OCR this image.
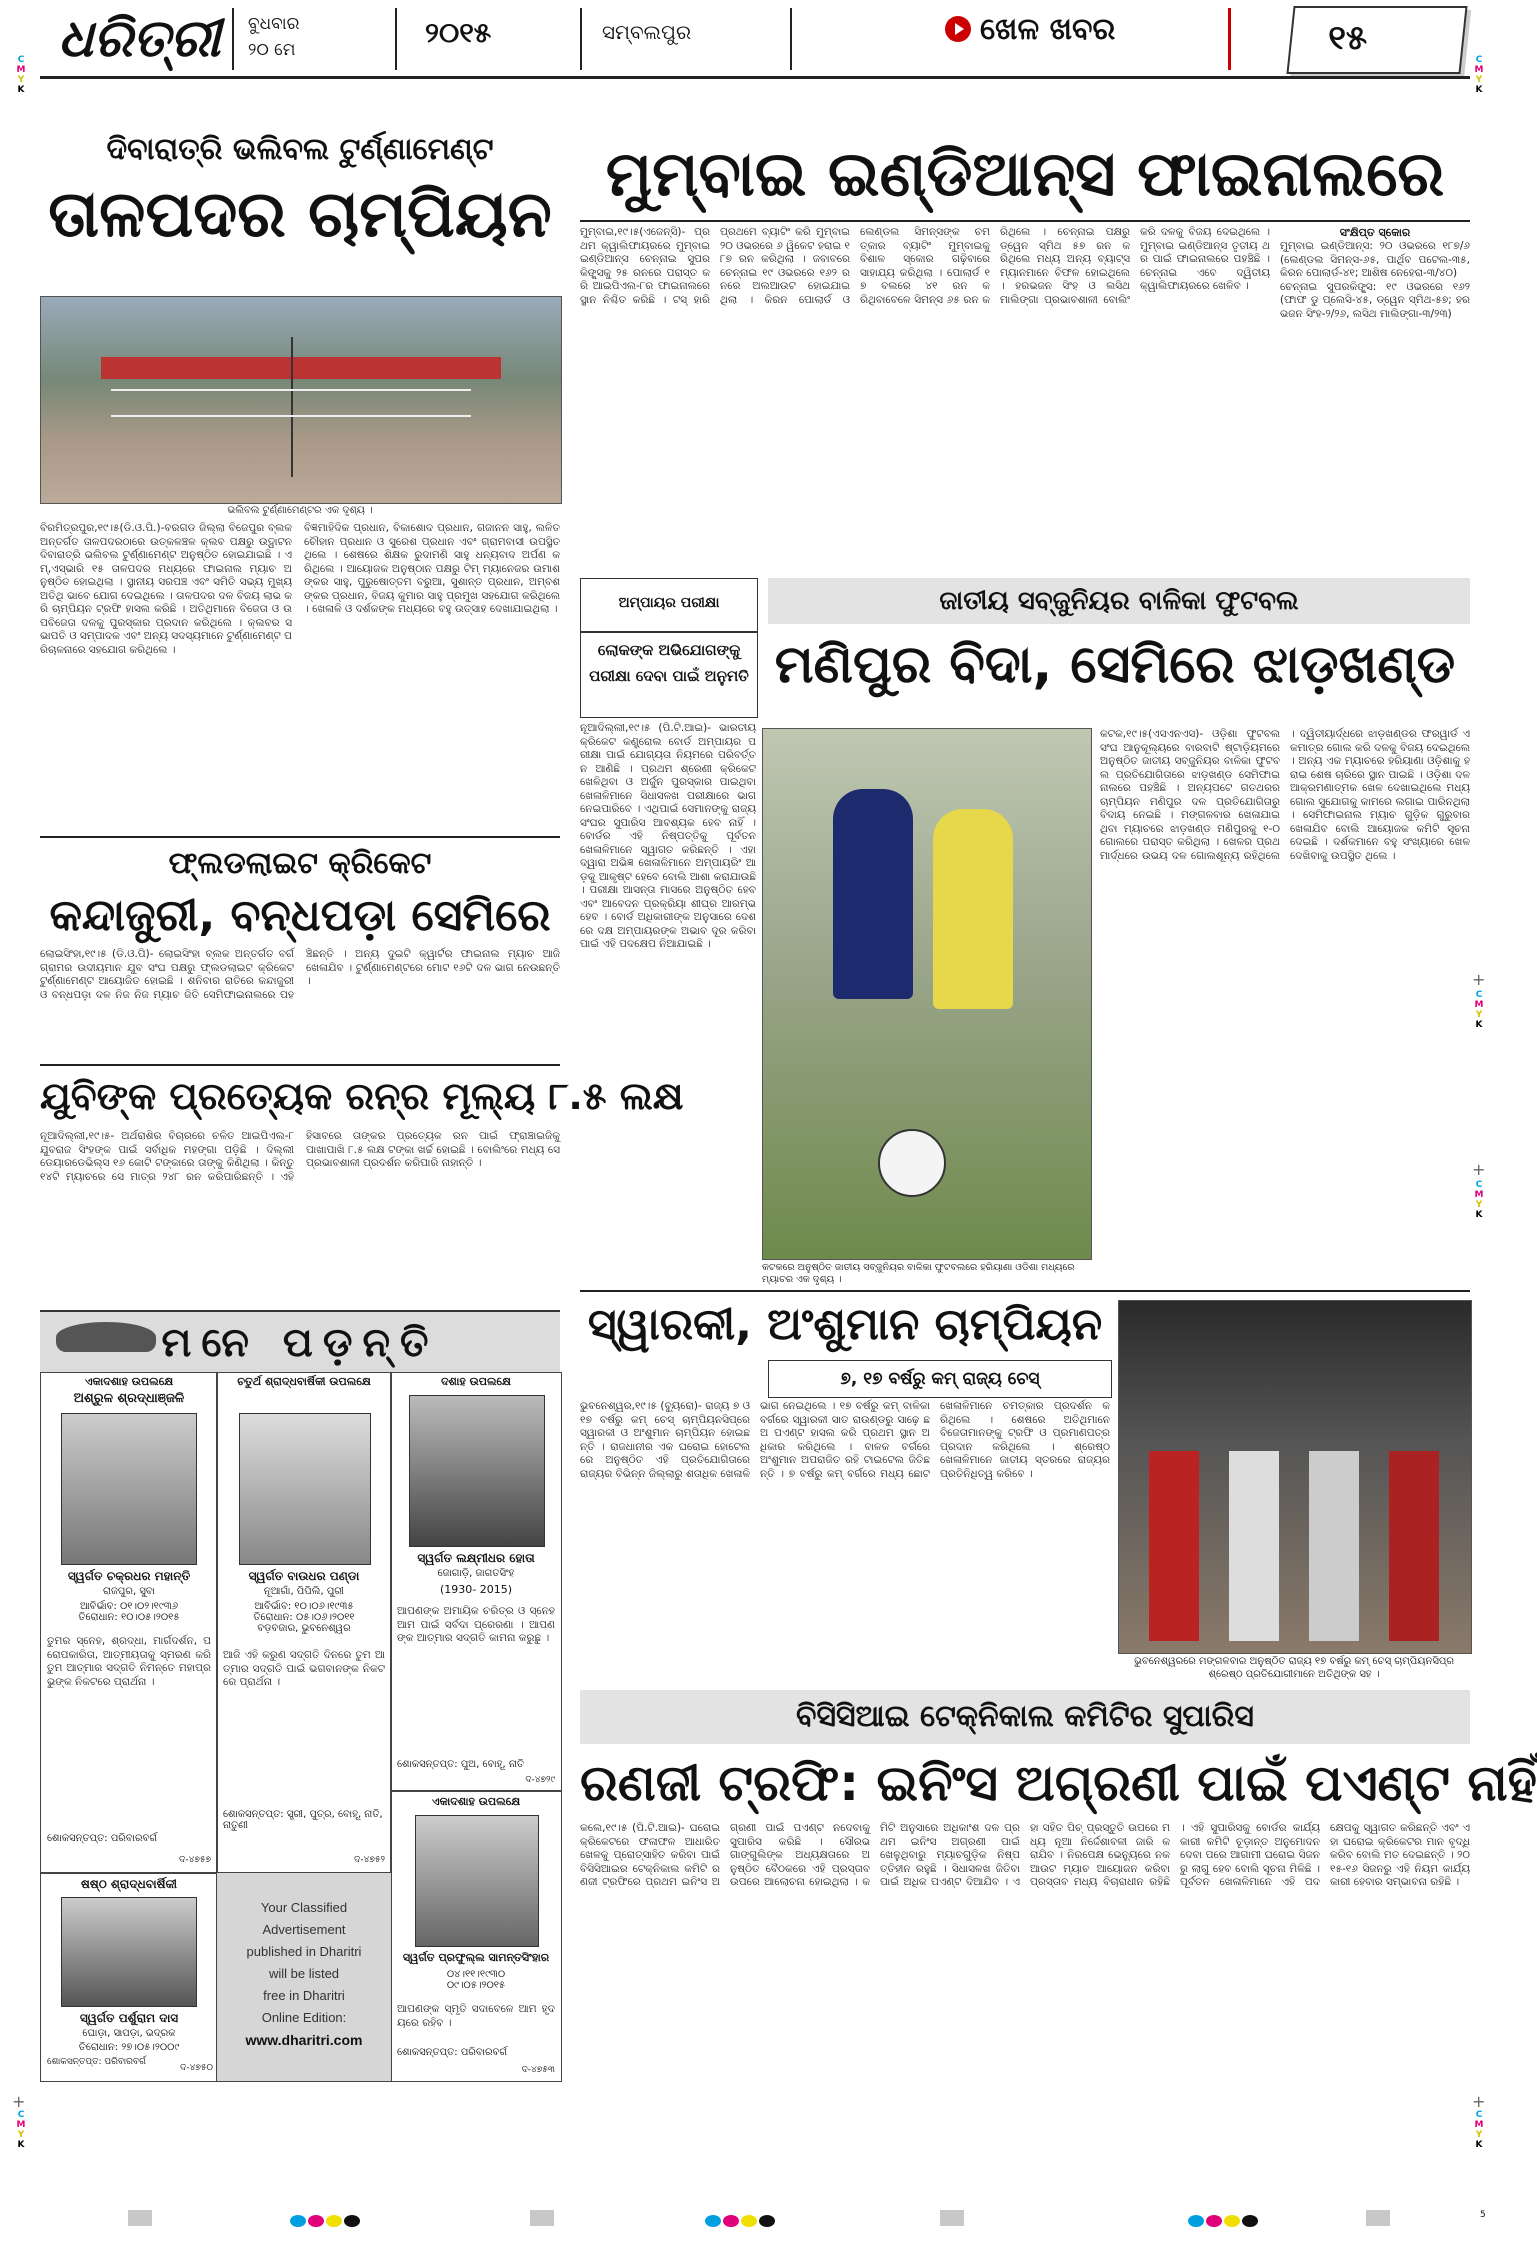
C
M
Y
K
C
M
Y
K
C
M
Y
K
C
M
Y
K
C
M
Y
K
C
M
Y
K
+
+
+	+
ଧରିତ୍ରୀ ବୁଧବାର
୨୦ ମେ
୨୦୧୫	ସମ୍ବଲପୁର	ଖେଳ ଖବର	୧୫
ଦିବାରାତ୍ରି ଭଲିବଲ ଟୁର୍ଣ୍ଣାମେଣ୍ଟ
ତାଳପଦର ଚାମ୍ପିୟନ
ଭଲିବଲ ଟୁର୍ଣ୍ଣାମେଣ୍ଟର ଏକ ଦୃଶ୍ୟ ।
ବିରମିତ୍ରପୁର,୧୯।୫(ଡି.ଓ.ପି.)-ବରଗଡ ଜିଲ୍ଲା ବିଜେପୁର ବ୍ଲକ ଅନ୍ତର୍ଗତ ତାଳପଦରଠାରେ ଉତ୍କଳଞ୍ଚଳ କ୍ଲବ ପକ୍ଷରୁ ଉଦ୍ଘାଟନ ଦିବାରାତ୍ରି ଭଲିବଲ ଟୁର୍ଣ୍ଣାମେଣ୍ଟ ଅନୁଷ୍ଠିତ ହୋଇଯାଇଛି । ଏମ୍,ଏସ୍ଭାରି ୧୫ ତାଳପଦର ମଧ୍ୟରେ ଫାଇନାଲ ମ୍ୟାଚ ଅନୁଷ୍ଠିତ ହୋଇଥିଲା । ସ୍ଥାନୀୟ ସରପଞ୍ଚ ଏବଂ ସମିତି ସଭ୍ୟ ମୁଖ୍ୟ ଅତିଥି ଭାବେ ଯୋଗ ଦେଇଥିଲେ । ତାଳପଦର ଦଳ ବିଜୟ ଲାଭ କରି ଚାମ୍ପିୟନ ଟ୍ରଫି ହାସଲ କରିଛି । ଅତିଥିମାନେ ବିଜେତା ଓ ଉପବିଜେତା ଦଳକୁ ପୁରସ୍କାର ପ୍ରଦାନ କରିଥିଲେ । କ୍ଲବର ସଭାପତି ଓ ସମ୍ପାଦକ ଏବଂ ଅନ୍ୟ ସଦସ୍ୟମାନେ ଟୁର୍ଣ୍ଣାମେଣ୍ଟ ପରିଚାଳନାରେ ସହଯୋଗ କରିଥିଲେ ।
ବିଜ୍ଞମାହିଦିକ ପ୍ରଧାନ, ବିକାଶୋଦ ପ୍ରଧାନ, ଗଜାନନ ସାହୁ, ଲଳିତ ଚୌହାନ ପ୍ରଧାନ ଓ ସୁରେଶ ପ୍ରଧାନ ଏବଂ ଗ୍ରାମବାସୀ ଉପସ୍ଥିତ ଥିଲେ । ଶେଷରେ ଶିକ୍ଷକ ରୁଦାମଣି ସାହୁ ଧନ୍ୟବାଦ ଅର୍ପଣ କରିଥିଲେ । ଆୟୋଜକ ଅନୁଷ୍ଠାନ ପକ୍ଷରୁ ଟିମ୍ ମ୍ୟାନେଜର ଉମାଶଙ୍କର ସାହୁ, ପୁରୁଷୋତ୍ତମ ବରୁଆ, ସୁଶାନ୍ତ ପ୍ରଧାନ, ଅମ୍ବଶଙ୍କର ପ୍ରଧାନ, ବିଜୟ କୁମାର ସାହୁ ପ୍ରମୁଖ ସହଯୋଗ କରିଥିଲେ । ଖେଳାଳି ଓ ଦର୍ଶକଙ୍କ ମଧ୍ୟରେ ବହୁ ଉତ୍ସାହ ଦେଖାଯାଇଥିଲା ।
ଫ୍ଲଡଲାଇଟ କ୍ରିକେଟ
କନ୍ଦାଜୁରୀ, ବନ୍ଧପଡ଼ା ସେମିରେ
ଲୋଇସିଂହା,୧୯।୫ (ଡି.ଓ.ପି)- ଲୋଇସିଂହା ବ୍ଲକ ଅନ୍ତର୍ଗତ ବର୍ଗ ଗ୍ରାମର ଉଦୀୟମାନ ଯୁବ ସଂଘ ପକ୍ଷରୁ ଫ୍ଲଡଲାଇଟ କ୍ରିକେଟ ଟୁର୍ଣ୍ଣାମେଣ୍ଟ ଆୟୋଜିତ ହୋଇଛି । ଶନିବାର ରାତିରେ କନ୍ଦାଜୁରୀ ଓ ବନ୍ଧପଡ଼ା ଦଳ ନିଜ ନିଜ ମ୍ୟାଚ ଜିତି ସେମିଫାଇନାଲରେ ପହଞ୍ଚିଛନ୍ତି । ଅନ୍ୟ ଦୁଇଟି କ୍ୱାର୍ଟର ଫାଇନାଲ ମ୍ୟାଚ ଆଜି ଖେଳାଯିବ । ଟୁର୍ଣ୍ଣାମେଣ୍ଟରେ ମୋଟ ୧୬ଟି ଦଳ ଭାଗ ନେଉଛନ୍ତି ।
ଯୁବିଙ୍କ ପ୍ରତ୍ୟେକ ରନ୍‌ର ମୂଲ୍ୟ ୮.୫ ଲକ୍ଷ
ନୂଆଦିଲ୍ଲୀ,୧୯।୫- ଅର୍ଥରାଶିର ବିଚାରରେ ଚଳିତ ଆଇପିଏଲ-୮ ଯୁବରାଜ ସିଂହଙ୍କ ପାଇଁ ସର୍ବାଧିକ ମହଙ୍ଗା ପଡ଼ିଛି । ଦିଲ୍ଲୀ ଡେୟାରଡେଭିଲ୍ସ ୧୬ କୋଟି ଟଙ୍କାରେ ତାଙ୍କୁ କିଣିଥିଲା । କିନ୍ତୁ ୧୪ଟି ମ୍ୟାଚରେ ସେ ମାତ୍ର ୨୪୮ ରନ କରିପାରିଛନ୍ତି । ଏହି ହିସାବରେ ତାଙ୍କର ପ୍ରତ୍ୟେକ ରନ ପାଇଁ ଫ୍ରାଞ୍ଚାଇଜିକୁ ପାଖାପାଖି ୮.୫ ଲକ୍ଷ ଟଙ୍କା ଖର୍ଚ୍ଚ ହୋଇଛି । ବୋଲିଂରେ ମଧ୍ୟ ସେ ପ୍ରଭାବଶାଳୀ ପ୍ରଦର୍ଶନ କରିପାରି ନାହାନ୍ତି ।
ମନେ ପଡ଼ନ୍ତି
ଏକାଦଶାହ ଉପଲକ୍ଷେ
ଅଶ୍ରୁଳ ଶ୍ରଦ୍ଧାଞ୍ଜଳି
ସ୍ୱର୍ଗତ ଚକ୍ରଧର ମହାନ୍ତି
ରାଜପୁର, ସୁବା
ଆବିର୍ଭାବ: ୦୧।୦୨।୧୯୩୬
ତିରୋଧାନ: ୧୦।୦୫।୨୦୧୫
ତୁମର ସ୍ନେହ, ଶ୍ରଦ୍ଧା, ମାର୍ଗଦର୍ଶନ, ପରୋପକାରିତା, ଆତ୍ମୀୟତାକୁ ସ୍ମରଣ କରି ତୁମ ଆତ୍ମାର ସଦ୍‌ଗତି ନିମନ୍ତେ ମହାପ୍ରଭୁଙ୍କ ନିକଟରେ ପ୍ରାର୍ଥନା ।
ଶୋକସନ୍ତପ୍ତ: ପରିବାରବର୍ଗ
ଦ-୪୭୫୭
ଚତୁର୍ଥ ଶ୍ରାଦ୍ଧବାର୍ଷିକୀ ଉପଲକ୍ଷେ
ସ୍ୱର୍ଗତ ବାଉଧର ପଣ୍ଡା
ନୂଆଗାଁ, ପିପିଲି, ପୁରୀ
ଆବିର୍ଭାବ: ୧୦।୦୬।୧୯୩୫
ତିରୋଧାନ: ୦୫।୦୬।୨୦୧୧
ବଡ଼ବଜାର, ଭୁବନେଶ୍ୱର
ଆଜି ଏହି କରୁଣ ସଦ୍‌ଗତି ଦିନରେ ତୁମ ଆତ୍ମାର ସଦ୍‌ଗତି ପାଇଁ ଭଗବାନଙ୍କ ନିକଟରେ ପ୍ରାର୍ଥନା ।
ଶୋକସନ୍ତପ୍ତ: ସ୍ତ୍ରୀ, ପୁତ୍ର, ବୋହୂ, ନାତି, ନାତୁଣୀ
ଦ-୪୭୫୨
ଦଶାହ ଉପଲକ୍ଷେ
ସ୍ୱର୍ଗତ ଲକ୍ଷ୍ମୀଧର ହୋତା
ଜୋଗାଡ଼ି, ଜାଗତସିଂହ
(1930- 2015)
ଆପଣଙ୍କ ଅମାୟିକ ଚରିତ୍ର ଓ ସ୍ନେହ ଆମ ପାଇଁ ସର୍ବଦା ପ୍ରେରଣା । ଆପଣଙ୍କ ଆତ୍ମାର ସଦ୍‌ଗତି କାମନା କରୁଛୁ ।
ଶୋକସନ୍ତପ୍ତ: ପୁଅ, ବୋହୂ, ନାତି
ଦ-୪୭୨୯
ଏକାଦଶାହ ଉପଲକ୍ଷେ
ସ୍ୱର୍ଗତ ପ୍ରଫୁଲ୍ଲ ସାମନ୍ତସିଂହାର
୦୪।୧୧।୧୯୩୦
୦୯।୦୫।୨୦୧୫
ଆପଣଙ୍କ ସ୍ମୃତି ସଦାବେଳେ ଆମ ହୃଦୟରେ ରହିବ ।
ଶୋକସନ୍ତପ୍ତ: ପରିବାରବର୍ଗ
ଦ-୪୭୫୩
ଷଷ୍ଠ ଶ୍ରାଦ୍ଧବାର୍ଷିକୀ
ସ୍ୱର୍ଗତ ପର୍ଶୁରାମ ଦାସ
ଘୋଡ଼ା, ସାପଡ଼ା, ଭଦ୍ରକ
ତିରୋଧାନ: ୨୭।୦୫।୨୦୦୯
ଶୋକସନ୍ତପ୍ତ: ପରିବାରବର୍ଗ
ଦ-୪୭୫୦
Your Classified
Advertisement
published in Dharitri
will be listed
free in Dharitri
Online Edition:
www.dharitri.com
ମୁମ୍ବାଇ ଇଣ୍ଡିଆନ୍ସ ଫାଇନାଲରେ
ମୁମ୍ବାଇ,୧୯।୫(ଏଜେନ୍ସି)- ପ୍ରଥମ କ୍ୱାଲିଫାୟରରେ ମୁମ୍ବାଇ ଇଣ୍ଡିଆନ୍ସ ଚେନ୍ନାଇ ସୁପର କିଙ୍ଗ୍ସକୁ ୨୫ ରନରେ ପରାସ୍ତ କରି ଆଇପିଏଲ-୮ର ଫାଇନାଲରେ ସ୍ଥାନ ନିଶ୍ଚିତ କରିଛି । ଟସ୍ ହାରି ପ୍ରଥମେ ବ୍ୟାଟିଂ କରି ମୁମ୍ବାଇ ୨୦ ଓଭରରେ ୬ ୱିକେଟ ହରାଇ ୧୮୭ ରନ କରିଥିଲା । ଜବାବରେ ଚେନ୍ନାଇ ୧୯ ଓଭରରେ ୧୬୨ ରନରେ ଅଲଆଉଟ ହୋଇଯାଇଥିଲା । କିରନ ପୋଲାର୍ଡ ଓ ଲେଣ୍ଡଲ ସିମନ୍ସଙ୍କ ଚମତ୍କାର ବ୍ୟାଟିଂ ମୁମ୍ବାଇକୁ ବିଶାଳ ସ୍କୋର ଗଢ଼ିବାରେ ସାହାଯ୍ୟ କରିଥିଲା । ପୋଲାର୍ଡ ୧୭ ବଲରେ ୪୧ ରନ କରିଥିବାବେଳେ ସିମନ୍ସ ୬୫ ରନ କରିଥିଲେ । ଚେନ୍ନାଇ ପକ୍ଷରୁ ଡ୍ୱେନ ସ୍ମିଥ ୫୭ ରନ କରିଥିଲେ ମଧ୍ୟ ଅନ୍ୟ ବ୍ୟାଟ୍ସମ୍ୟାନମାନେ ବିଫଳ ହୋଇଥିଲେ । ହରଭଜନ ସିଂହ ଓ ଲସିଥ ମାଲିଙ୍ଗା ପ୍ରଭାବଶାଳୀ ବୋଲିଂ କରି ଦଳକୁ ବିଜୟ ଦେଇଥିଲେ । ମୁମ୍ବାଇ ଇଣ୍ଡିଆନ୍ସ ତୃତୀୟ ଥର ପାଇଁ ଫାଇନାଲରେ ପହଞ୍ଚିଛି । ଚେନ୍ନାଇ ଏବେ ଦ୍ୱିତୀୟ କ୍ୱାଲିଫାୟରରେ ଖେଳିବ ।
ସଂକ୍ଷିପ୍ତ ସ୍କୋର
ମୁମ୍ବାଇ ଇଣ୍ଡିଆନ୍ସ: ୨୦ ଓଭରରେ ୧୮୭/୬ (ଲେଣ୍ଡଲ ସିମନ୍ସ-୬୫, ପାର୍ଥିବ ପଟେଲ-୩୫, କିରନ ପୋଲାର୍ଡ-୪୧; ଆଶିଷ ନେହେରା-୩/୪୦)
ଚେନ୍ନାଇ ସୁପରକିଙ୍ଗ୍ସ: ୧୯ ଓଭରରେ ୧୬୨ (ଫାଫ ଡୁ ପ୍ଲେସି-୪୫, ଡ୍ୱେନ ସ୍ମିଥ-୫୭; ହରଭଜନ ସିଂହ-୨/୨୬, ଲସିଥ ମାଲିଙ୍ଗା-୩/୨୩)
ଅମ୍ପାୟର ପରୀକ୍ଷା
ଲୋକଙ୍କ ଅଭିଯୋଗଙ୍କୁ ପରୀକ୍ଷା ଦେବା ପାଇଁ ଅନୁମତି
ନୂଆଦିଲ୍ଲୀ,୧୯।୫ (ପି.ଟି.ଆଇ)- ଭାରତୀୟ କ୍ରିକେଟ କଣ୍ଟ୍ରୋଲ ବୋର୍ଡ ଅମ୍ପାୟର ପରୀକ୍ଷା ପାଇଁ ଯୋଗ୍ୟତା ନିୟମରେ ପରିବର୍ତ୍ତନ ଆଣିଛି । ପ୍ରଥମ ଶ୍ରେଣୀ କ୍ରିକେଟ ଖେଳିଥିବା ଓ ଅର୍ଜୁନ ପୁରସ୍କାର ପାଇଥିବା ଖେଳାଳିମାନେ ସିଧାସଳଖ ପରୀକ୍ଷାରେ ଭାଗ ନେଇପାରିବେ । ଏଥିପାଇଁ ସେମାନଙ୍କୁ ରାଜ୍ୟ ସଂଘର ସୁପାରିସ ଆବଶ୍ୟକ ହେବ ନାହିଁ । ବୋର୍ଡର ଏହି ନିଷ୍ପତ୍ତିକୁ ପୂର୍ବତନ ଖେଳାଳିମାନେ ସ୍ୱାଗତ କରିଛନ୍ତି । ଏହା ଦ୍ୱାରା ଅଭିଜ୍ଞ ଖେଳାଳିମାନେ ଅମ୍ପାୟରିଂ ଆଡ଼କୁ ଆକୃଷ୍ଟ ହେବେ ବୋଲି ଆଶା କରାଯାଉଛି । ପରୀକ୍ଷା ଆସନ୍ତା ମାସରେ ଅନୁଷ୍ଠିତ ହେବ ଏବଂ ଆବେଦନ ପ୍ରକ୍ରିୟା ଶୀଘ୍ର ଆରମ୍ଭ ହେବ । ବୋର୍ଡ ଅଧିକାରୀଙ୍କ ଅନୁସାରେ ଦେଶରେ ଦକ୍ଷ ଅମ୍ପାୟରଙ୍କ ଅଭାବ ଦୂର କରିବା ପାଇଁ ଏହି ପଦକ୍ଷେପ ନିଆଯାଇଛି ।
ଜାତୀୟ ସବ୍‌ଜୁନିୟର ବାଳିକା ଫୁଟବଲ
ମଣିପୁର ବିଦା, ସେମିରେ ଝାଡ଼ଖଣ୍ଡ
କଟକରେ ଅନୁଷ୍ଠିତ ଜାତୀୟ ସବ୍‌ଜୁନିୟର ବାଳିକା ଫୁଟବଲରେ ହରିୟାଣା ଓଡିଶା ମଧ୍ୟରେ ମ୍ୟାଚର ଏକ ଦୃଶ୍ୟ ।
କଟକ,୧୯।୫(ଏସଏନଏସ)- ଓଡ଼ିଶା ଫୁଟବଲ ସଂଘ ଆନୁକୂଲ୍ୟରେ ବାରବାଟି ଷ୍ଟାଡ଼ିୟମରେ ଅନୁଷ୍ଠିତ ଜାତୀୟ ସବ୍‌ଜୁନିୟର ବାଳିକା ଫୁଟବଲ ପ୍ରତିଯୋଗିତାରେ ଝାଡ଼ଖଣ୍ଡ ସେମିଫାଇନାଲରେ ପହଞ୍ଚିଛି । ଅନ୍ୟପଟେ ଗତଥରର ଚାମ୍ପିୟନ ମଣିପୁର ଦଳ ପ୍ରତିଯୋଗିତାରୁ ବିଦାୟ ନେଇଛି । ମଙ୍ଗଳବାର ଖେଳାଯାଇଥିବା ମ୍ୟାଚରେ ଝାଡ଼ଖଣ୍ଡ ମଣିପୁରକୁ ୧-୦ ଗୋଲରେ ପରାସ୍ତ କରିଥିଲା । ଖେଳର ପ୍ରଥମାର୍ଦ୍ଧରେ ଉଭୟ ଦଳ ଗୋଲଶୂନ୍ୟ ରହିଥିଲେ । ଦ୍ୱିତୀୟାର୍ଦ୍ଧରେ ଝାଡ଼ଖଣ୍ଡର ଫରୱାର୍ଡ ଏକମାତ୍ର ଗୋଲ କରି ଦଳକୁ ବିଜୟ ଦେଇଥିଲେ । ଅନ୍ୟ ଏକ ମ୍ୟାଚରେ ହରିୟାଣା ଓଡ଼ିଶାକୁ ହରାଇ ଶେଷ ଚାରିରେ ସ୍ଥାନ ପାଇଛି । ଓଡ଼ିଶା ଦଳ ଆକ୍ରମଣାତ୍ମକ ଖେଳ ଦେଖାଇଥିଲେ ମଧ୍ୟ ଗୋଲ ସୁଯୋଗକୁ କାମରେ ଲଗାଇ ପାରିନଥିଲା । ସେମିଫାଇନାଲ ମ୍ୟାଚ ଗୁଡ଼ିକ ଗୁରୁବାର ଖେଳାଯିବ ବୋଲି ଆୟୋଜକ କମିଟି ସୂଚନା ଦେଇଛି । ଦର୍ଶକମାନେ ବହୁ ସଂଖ୍ୟାରେ ଖେଳ ଦେଖିବାକୁ ଉପସ୍ଥିତ ଥିଲେ ।
ସ୍ୱାରକୀ, ଅଂଶୁମାନ ଚାମ୍ପିୟନ
୭, ୧୭ ବର୍ଷରୁ କମ୍ ରାଜ୍ୟ ଚେସ୍
ଭୁବନେଶ୍ୱର,୧୯।୫ (ବ୍ୟୁରୋ)- ରାଜ୍ୟ ୭ ଓ ୧୭ ବର୍ଷରୁ କମ୍ ଚେସ୍ ଚାମ୍ପିୟନସିପ୍‌ରେ ସ୍ୱାରକୀ ଓ ଅଂଶୁମାନ ଚାମ୍ପିୟନ ହୋଇଛନ୍ତି । ରାଜଧାନୀର ଏକ ଘରୋଇ ହୋଟେଲରେ ଅନୁଷ୍ଠିତ ଏହି ପ୍ରତିଯୋଗିତାରେ ରାଜ୍ୟର ବିଭିନ୍ନ ଜିଲ୍ଲାରୁ ଶତାଧିକ ଖେଳାଳି ଭାଗ ନେଇଥିଲେ । ୧୭ ବର୍ଷରୁ କମ୍ ବାଳିକା ବର୍ଗରେ ସ୍ୱାରକୀ ସାତ ରାଉଣ୍ଡରୁ ସାଢ଼େ ଛଅ ପଏଣ୍ଟ ହାସଲ କରି ପ୍ରଥମ ସ୍ଥାନ ଅଧିକାର କରିଥିଲେ । ବାଳକ ବର୍ଗରେ ଅଂଶୁମାନ ଅପରାଜିତ ରହି ଟାଇଟେଲ ଜିତିଛନ୍ତି । ୭ ବର୍ଷରୁ କମ୍ ବର୍ଗରେ ମଧ୍ୟ ଛୋଟ ଖେଳାଳିମାନେ ଚମତ୍କାର ପ୍ରଦର୍ଶନ କରିଥିଲେ । ଶେଷରେ ଅତିଥିମାନେ ବିଜେତାମାନଙ୍କୁ ଟ୍ରଫି ଓ ପ୍ରମାଣପତ୍ର ପ୍ରଦାନ କରିଥିଲେ । ଶ୍ରେଷ୍ଠ ଖେଳାଳିମାନେ ଜାତୀୟ ସ୍ତରରେ ରାଜ୍ୟର ପ୍ରତିନିଧିତ୍ୱ କରିବେ ।
ଭୁବନେଶ୍ୱରରେ ମଙ୍ଗଳବାର ଅନୁଷ୍ଠିତ ରାଜ୍ୟ ୧୭ ବର୍ଷରୁ କମ୍ ଚେସ୍ ଚାମ୍ପିୟନସିପ୍‌ର ଶ୍ରେଷ୍ଠ ପ୍ରତିଯୋଗୀମାନେ ଅତିଥିଙ୍କ ସହ ।
ବିସିସିଆଇ ଟେକ୍ନିକାଲ କମିଟିର ସୁପାରିସ
ରଣଜୀ ଟ୍ରଫି: ଇନିଂସ ଅଗ୍ରଣୀ ପାଇଁ ପଏଣ୍ଟ ନାହିଁ
କଲେ,୧୯।୫ (ପି.ଟି.ଆଇ)- ଘରୋଇ କ୍ରିକେଟରେ ଫଳାଫଳ ଆଧାରିତ ଖେଳକୁ ପ୍ରୋତ୍ସାହିତ କରିବା ପାଇଁ ବିସିସିଆଇର ଟେକ୍ନିକାଲ କମିଟି ରଣଜୀ ଟ୍ରଫିରେ ପ୍ରଥମ ଇନିଂସ ଅଗ୍ରଣୀ ପାଇଁ ପଏଣ୍ଟ ନଦେବାକୁ ସୁପାରିସ କରିଛି । ସୌରଭ ଗାଙ୍ଗୁଲିଙ୍କ ଅଧ୍ୟକ୍ଷତାରେ ଅନୁଷ୍ଠିତ ବୈଠକରେ ଏହି ପ୍ରସ୍ତାବ ଉପରେ ଆଲୋଚନା ହୋଇଥିଲା । କମିଟି ଅନୁସାରେ ଅଧିକାଂଶ ଦଳ ପ୍ରଥମ ଇନିଂସ ଅଗ୍ରଣୀ ପାଇଁ ଖେଳୁଥିବାରୁ ମ୍ୟାଚଗୁଡ଼ିକ ନିଷ୍ପତ୍ତିହୀନ ରହୁଛି । ସିଧାସଳଖ ଜିତିବା ପାଇଁ ଅଧିକ ପଏଣ୍ଟ ଦିଆଯିବ । ଏହା ସହିତ ପିଚ୍ ପ୍ରସ୍ତୁତି ଉପରେ ମଧ୍ୟ ନୂଆ ନିର୍ଦ୍ଦେଶାବଳୀ ଜାରି କରାଯିବ । ନିରପେକ୍ଷ ଭେନ୍ୟୁରେ ନକଆଉଟ ମ୍ୟାଚ ଆୟୋଜନ କରିବା ପ୍ରସ୍ତାବ ମଧ୍ୟ ବିଚାରାଧୀନ ରହିଛି । ଏହି ସୁପାରିସକୁ ବୋର୍ଡର କାର୍ଯ୍ୟକାରୀ କମିଟି ଚୂଡ଼ାନ୍ତ ଅନୁମୋଦନ ଦେବା ପରେ ଆଗାମୀ ଘରୋଇ ସିଜନରୁ ଲାଗୁ ହେବ ବୋଲି ସୂଚନା ମିଳିଛି । ପୂର୍ବତନ ଖେଳାଳିମାନେ ଏହି ପଦକ୍ଷେପକୁ ସ୍ୱାଗତ କରିଛନ୍ତି ଏବଂ ଏହା ଘରୋଇ କ୍ରିକେଟର ମାନ ବୃଦ୍ଧି କରିବ ବୋଲି ମତ ଦେଇଛନ୍ତି । ୨୦୧୫-୧୬ ସିଜନରୁ ଏହି ନିୟମ କାର୍ଯ୍ୟକାରୀ ହେବାର ସମ୍ଭାବନା ରହିଛି ।
5
